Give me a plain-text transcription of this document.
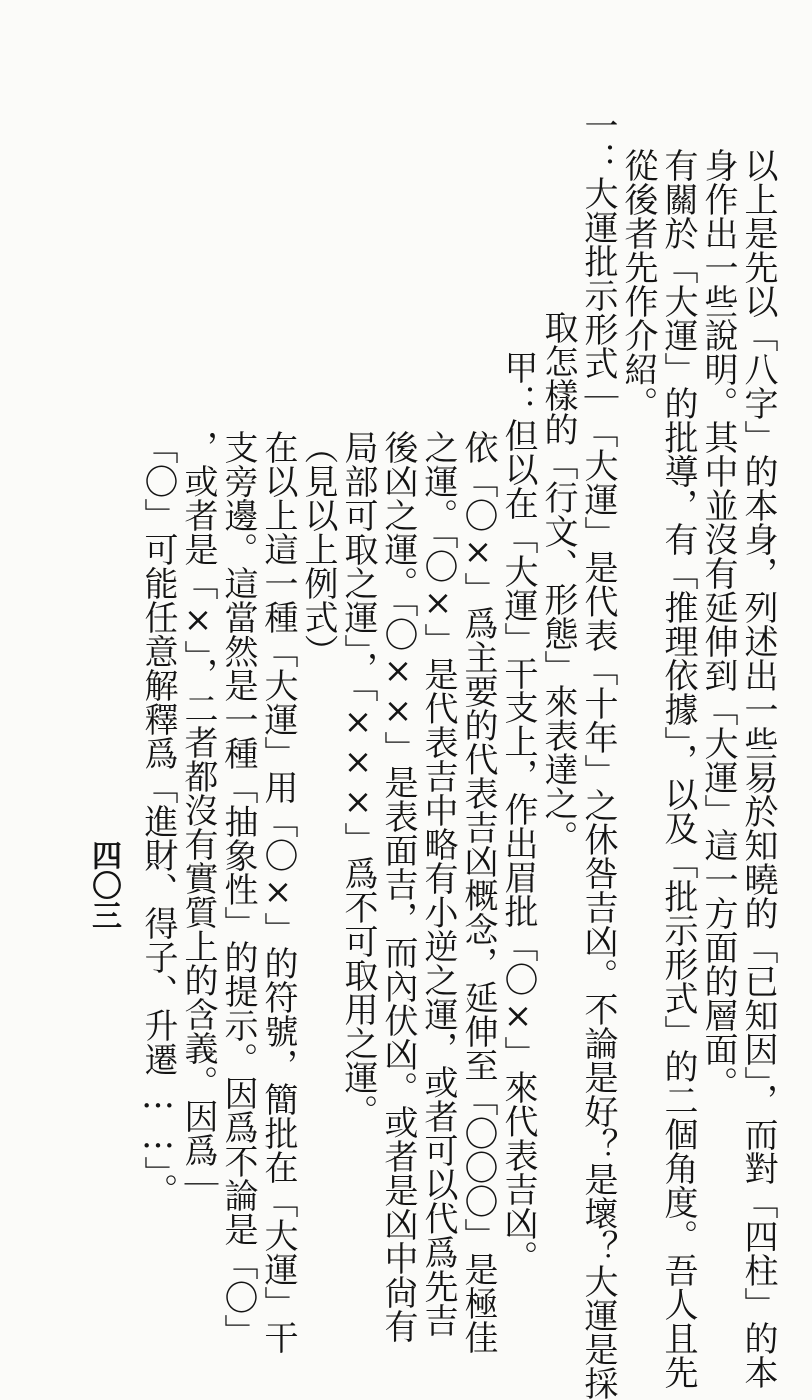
以上是先以「八字」的本身，列述出一些易於知曉的「已知因」，而對「四柱」的本
身作出一些說明。其中並沒有延伸到「大運」這一方面的層面。
有關於「大運」的批導，有「推理依據」，以及「批示形式」的二個角度。吾人且先
從後者先作介紹。
一：大運批示形式｜「大運」是代表「十年」之休咎吉凶。不論是好？是壞？大運是採
取怎樣的「行文、形態」來表達之。
甲：但以在「大運」干支上，作出眉批「〇×」來代表吉凶。
依「〇×」爲主要的代表吉凶概念，延伸至「〇〇〇」是極佳
之運。「〇×」是代表吉中略有小逆之運，或者可以代爲先吉
後凶之運。「〇××」是表面吉，而內伏凶。或者是凶中尙有
局部可取之運」，「×××」爲不可取用之運。
（見以上例式）
在以上這一種「大運」用「〇×」的符號，簡批在「大運」干
支旁邊。這當然是一種「抽象性」的提示。因爲不論是「〇」
，或者是「×」，二者都沒有實質上的含義。因爲｜
「〇」可能任意解釋爲「進財、得子、升遷……」。
四〇三
